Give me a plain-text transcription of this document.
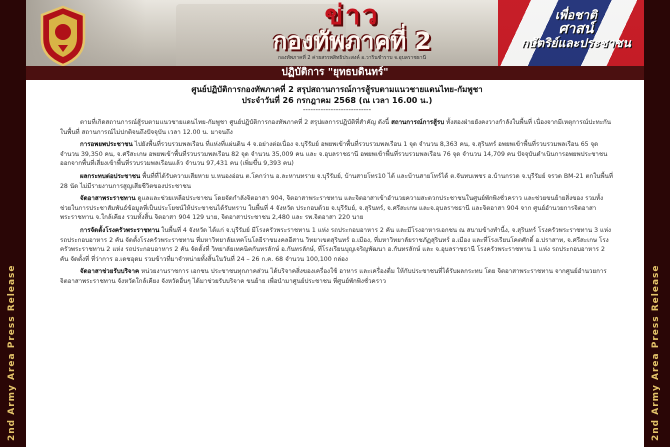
2nd Army Area Press Release	2nd Army Area Press Release
ข่าว
กองทัพภาคที่ 2
กองทัพภาคที่ 2 ค่ายสรรพสิทธิประสงค์ อ.วารินชำราบ จ.อุบลราชธานี
เพื่อชาติ
ศาสน์
กษัตริย์และประชาชน
ปฏิบัติการ "ยุทธบดินทร์"
ศูนย์ปฏิบัติการกองทัพภาคที่ 2 สรุปสถานการณ์การสู้รบตามแนวชายแดนไทย-กัมพูชา
ประจำวันที่ 26 กรกฎาคม 2568 (ณ เวลา 16.00 น.)
---------------------------

ตามที่เกิดสถานการณ์สู้รบตามแนวชายแดนไทย-กัมพูชา ศูนย์ปฏิบัติการกองทัพภาคที่ 2 สรุปผลการปฏิบัติที่สำคัญ ดังนี้ สถานการณ์การสู้รบ ทั้งสองฝ่ายยังคงวางกำลังในพื้นที่ เนื่องจากมีเหตุการณ์ปะทะกันในพื้นที่ สถานการณ์ไม่ปกติจนถึงปัจจุบัน เวลา 12.00 น. มาจนถึง

การอพยพประชาชน ไปยังพื้นที่รวบรวมพลเรือน ที่แห่งที่แผ่นดิน 4 จ.อย่างต่อเนื่อง จ.บุรีรัมย์ อพยพเข้าพื้นที่รวบรวมพลเรือน 1 จุด จำนวน 8,363 คน, จ.สุรินทร์ อพยพเข้าพื้นที่รวบรวมพลเรือน 65 จุด จำนวน 39,350 คน, จ.ศรีสะเกษ อพยพเข้าพื้นที่รวบรวมพลเรือน 82 จุด จำนวน 35,009 คน และ จ.อุบลราชธานี อพยพเข้าพื้นที่รวบรวมพลเรือน 76 จุด จำนวน 14,709 คน ปัจจุบันดำเนินการอพยพประชาชนออกจากพื้นที่เสี่ยงเข้าพื้นที่รวบรวมพลเรือนแล้ว จำนวน 97,431 คน (เพิ่มขึ้น 9,393 คน)

ผลกระทบต่อประชาชน พื้นที่ที่ได้รับความเสียหาย บ.หนองอ่อน ต.โคกว่าน อ.ละหานทราย จ.บุรีรัมย์, บ้านสายโทร10 ได้ และบ้านสายโทร์ได้ ต.จันทบเพชร อ.บ้านกรวด จ.บุรีรัมย์ จรวด BM-21 ตกในพื้นที่ 28 นัด ไม่มีรายงานการสูญเสียชีวิตของประชาชน

จัดอาสาพระราชทาน ดูแลและช่วยเหลือประชาชน โดยจัดกำลังจิตอาสา 904, จิตอาสาพระราชทาน และจิตอาสาเข้าอำนวยความสะดวกประชาชนในศูนย์พักพิงชั่วคราว และช่วยขนย้ายสิ่งของ รวมทั้งช่วยในการประชาสัมพันธ์ข้อมูลที่เป็นประโยชน์ให้ประชาชนได้รับทราบ ในพื้นที่ 4 จังหวัด ประกอบด้วย จ.บุรีรัมย์, จ.สุรินทร์, จ.ศรีสะเกษ และจ.อุบลราชธานี และจิตอาสา 904 จาก ศูนย์อำนวยการจิตอาสาพระราชทาน จ.ใกล้เคียง รวมทั้งสิ้น จิตอาสา 904 129 นาย, จิตอาสาประชาชน 2,480 และ รพ.จิตอาสา 220 นาย

การจัดตั้งโรงครัวพระราชทาน ในพื้นที่ 4 จังหวัด ได้แก่ จ.บุรีรัมย์ มีโรงครัวพระราชทาน 1 แห่ง รถประกอบอาหาร 2 คัน และมีโรงอาหารเอกชน ณ สนามข้างทำนี้ง, จ.สุรินทร์ โรงครัวพระราชทาน 3 แห่ง รถประกอบอาหาร 2 คัน จัดตั้งโรงครัวพระราชทาน ที่มหาวิทยาลัยเทคโนโลยีราชมงคลอีสาน วิทยาเขตสุรินทร์ อ.เมือง, ที่มหาวิทยาลัยราชภัฏสุรินทร์ อ.เมือง และที่โรงเรียนโคตศักดิ์ อ.ปราสาท, จ.ศรีสะเกษ โรงครัวพระราชทาน 2 แห่ง รถประกอบอาหาร 2 คัน จัดตั้งที่ วิทยาลัยเทคนิคกันทรลักษ์ อ.กันทรลักษ์, ที่โรงเรียนบุญเจริญพัฒนา อ.กันทรลักษ์ และ จ.อุบลราชธานี โรงครัวพระราชทาน 1 แห่ง รถประกอบอาหาร 2 คัน จัดตั้งที่ ที่ว่าการ อ.เดชอุดม รวมข้าวที่มาจำหน่ายทั้งสิ้นในวันที่ 24 – 26 ก.ค. 68 จำนวน 100,100 กล่อง

จัดอาสาช่วยรับบริจาค หน่วยงานราชการ เอกชน ประชาชนทุกภาคส่วน ได้บริจาคสิ่งของเครื่องใช้ อาหาร และเครื่องดื่ม ให้กับประชาชนที่ได้รับผลกระทบ โดย จิตอาสาพระราชทาน จากศูนย์อำนวยการจิตอาสาพระราชทาน จังหวัดใกล้เคียง จังหวัดอื่นๆ ได้มาช่วยรับบริจาค ขนย้าย เพื่อนำมาศูนย์ประชาชน ที่ศูนย์พักพิงชั่วคราว
